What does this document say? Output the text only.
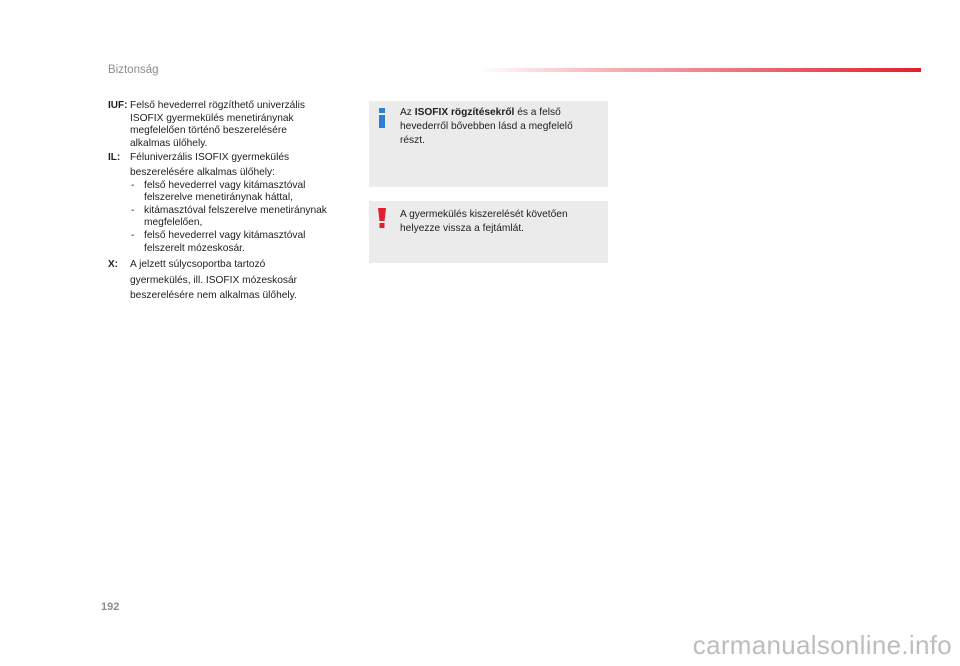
Biztonság
IUF: Felső hevederrel rögzíthető univerzális
ISOFIX gyermekülés menetiránynak
megfelelően történő beszerelésére
alkalmas ülőhely.
IL: Féluniverzális ISOFIX gyermekülés
beszerelésére alkalmas ülőhely:
- felső hevederrel vagy kitámasztóval
felszerelve menetiránynak háttal,
- kitámasztóval felszerelve menetiránynak
megfelelően,
- felső hevederrel vagy kitámasztóval
felszerelt mózeskosár.
X: A jelzett súlycsoportba tartozó
gyermekülés, ill. ISOFIX mózeskosár
beszerelésére nem alkalmas ülőhely.
Az ISOFIX rögzítésekről és a felső
hevederről bővebben lásd a megfelelő
részt.
A gyermekülés kiszerelését követően
helyezze vissza a fejtámlát.
192
carmanualsonline.info
